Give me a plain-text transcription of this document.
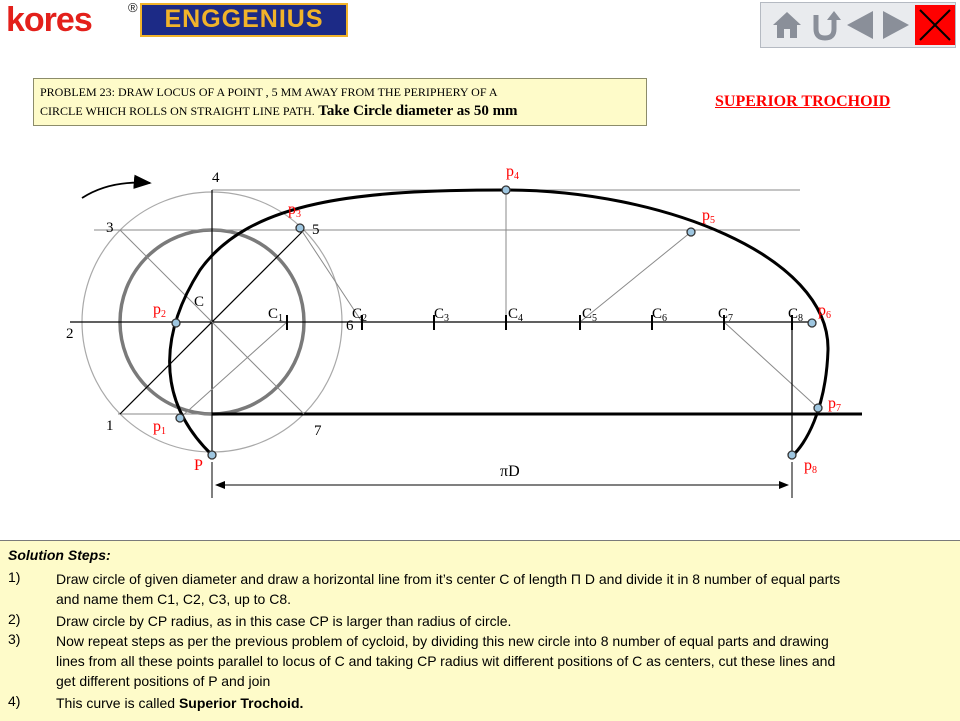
kores	®	ENGGENIUS
PROBLEM 23: DRAW LOCUS OF A POINT , 5 MM AWAY FROM THE PERIPHERY OF A
CIRCLE WHICH ROLLS ON STRAIGHT LINE PATH. Take Circle diameter as 50 mm
SUPERIOR TROCHOID
C
1
2
3
4
5
6
7
$C_1$	$C_2$	$C_3$	$C_4$	$C_5$	$C_6$	$C_7$	$C_8$
p1
p2
p3
p4
p5
p6
p7
p8
P	πD
Solution Steps:
1)	Draw circle of given diameter and draw a horizontal line from it’s center C of length Π D and divide it in 8 number of equal parts and name them C1, C2, C3, up to C8.
2)	Draw circle by CP radius, as in this case CP is larger than radius of circle.
3)	Now repeat steps as per the previous problem of cycloid, by dividing this new circle into 8 number of equal parts and drawing lines from all these points parallel to locus of C and taking CP radius wit different positions of C as centers, cut these lines and get different positions of P and join
4)	This curve is called Superior Trochoid.
